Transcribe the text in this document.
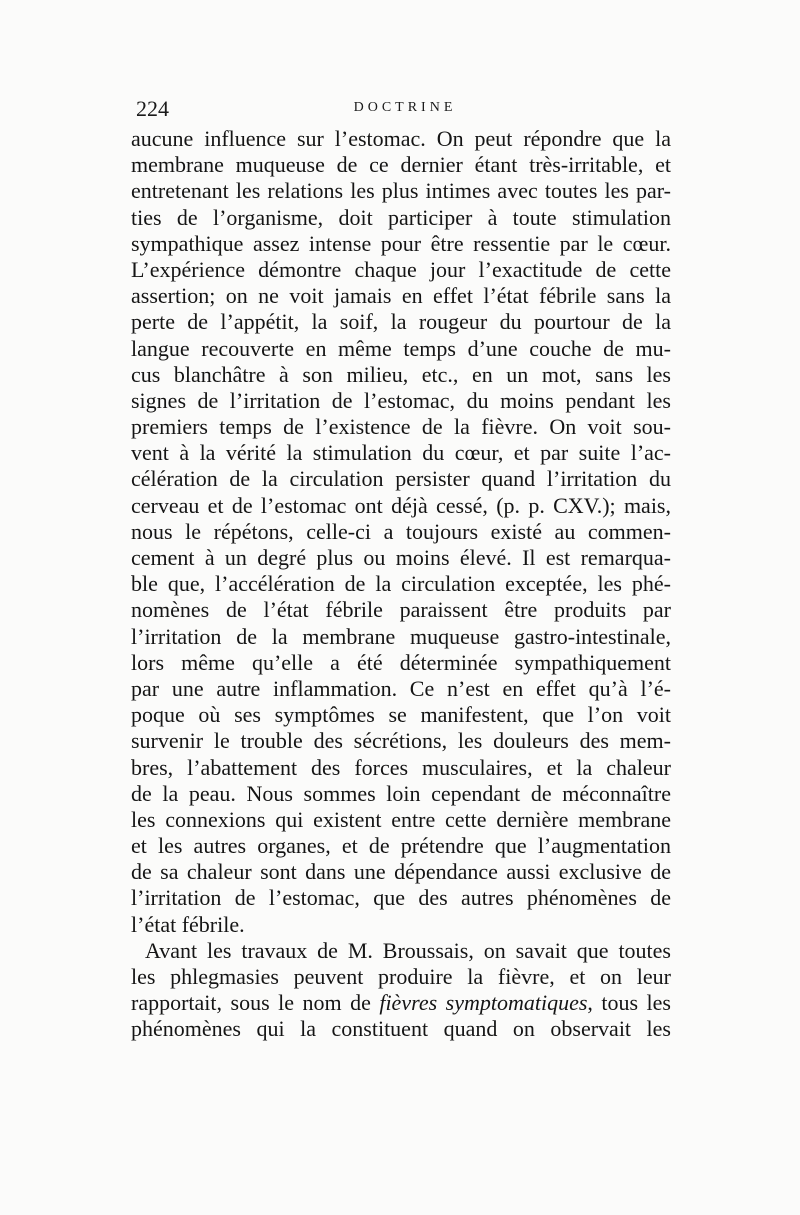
224	DOCTRINE
aucune influence sur l’estomac. On peut répondre que la
membrane muqueuse de ce dernier étant très-irritable, et
entretenant les relations les plus intimes avec toutes les par-
ties de l’organisme, doit participer à toute stimulation
sympathique assez intense pour être ressentie par le cœur.
L’expérience démontre chaque jour l’exactitude de cette
assertion; on ne voit jamais en effet l’état fébrile sans la
perte de l’appétit, la soif, la rougeur du pourtour de la
langue recouverte en même temps d’une couche de mu-
cus blanchâtre à son milieu, etc., en un mot, sans les
signes de l’irritation de l’estomac, du moins pendant les
premiers temps de l’existence de la fièvre. On voit sou-
vent à la vérité la stimulation du cœur, et par suite l’ac-
célération de la circulation persister quand l’irritation du
cerveau et de l’estomac ont déjà cessé, (p. p. CXV.); mais,
nous le répétons, celle-ci a toujours existé au commen-
cement à un degré plus ou moins élevé. Il est remarqua-
ble que, l’accélération de la circulation exceptée, les phé-
nomènes de l’état fébrile paraissent être produits par
l’irritation de la membrane muqueuse gastro-intestinale,
lors même qu’elle a été déterminée sympathiquement
par une autre inflammation. Ce n’est en effet qu’à l’é-
poque où ses symptômes se manifestent, que l’on voit
survenir le trouble des sécrétions, les douleurs des mem-
bres, l’abattement des forces musculaires, et la chaleur
de la peau. Nous sommes loin cependant de méconnaître
les connexions qui existent entre cette dernière membrane
et les autres organes, et de prétendre que l’augmentation
de sa chaleur sont dans une dépendance aussi exclusive de
l’irritation de l’estomac, que des autres phénomènes de
l’état fébrile.
Avant les travaux de M. Broussais, on savait que toutes
les phlegmasies peuvent produire la fièvre, et on leur
rapportait, sous le nom de fièvres symptomatiques, tous les
phénomènes qui la constituent quand on observait les
